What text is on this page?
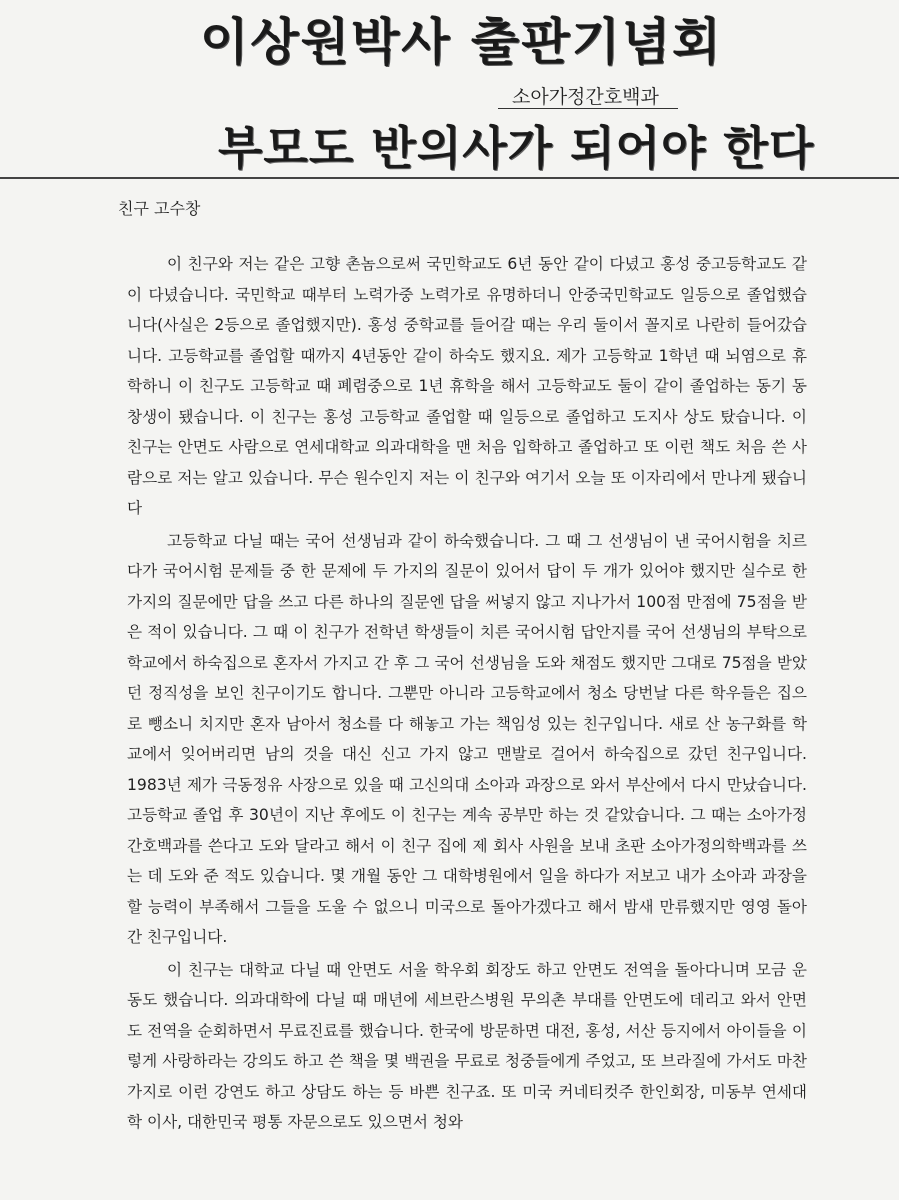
이상원박사 출판기념회
소아가정간호백과
부모도 반의사가 되어야 한다
친구 고수창

이 친구와 저는 같은 고향 촌놈으로써 국민학교도 6년 동안 같이 다녔고 홍성 중고등학교도 같이 다녔습니다. 국민학교 때부터 노력가중 노력가로 유명하더니 안중국민학교도 일등으로 졸업했습니다(사실은 2등으로 졸업했지만). 홍성 중학교를 들어갈 때는 우리 둘이서 꼴지로 나란히 들어갔습니다. 고등학교를 졸업할 때까지 4년동안 같이 하숙도 했지요. 제가 고등학교 1학년 때 뇌염으로 휴학하니 이 친구도 고등학교 때 폐렴중으로 1년 휴학을 해서 고등학교도 둘이 같이 졸업하는 동기 동창생이 됐습니다. 이 친구는 홍성 고등학교 졸업할 때 일등으로 졸업하고 도지사 상도 탔습니다. 이 친구는 안면도 사람으로 연세대학교 의과대학을 맨 처음 입학하고 졸업하고 또 이런 책도 처음 쓴 사람으로 저는 알고 있습니다. 무슨 원수인지 저는 이 친구와 여기서 오늘 또 이자리에서 만나게 됐습니다

고등학교 다닐 때는 국어 선생님과 같이 하숙했습니다. 그 때 그 선생님이 낸 국어시험을 치르다가 국어시험 문제들 중 한 문제에 두 가지의 질문이 있어서 답이 두 개가 있어야 했지만 실수로 한 가지의 질문에만 답을 쓰고 다른 하나의 질문엔 답을 써넣지 않고 지나가서 100점 만점에 75점을 받은 적이 있습니다. 그 때 이 친구가 전학년 학생들이 치른 국어시험 답안지를 국어 선생님의 부탁으로 학교에서 하숙집으로 혼자서 가지고 간 후 그 국어 선생님을 도와 채점도 했지만 그대로 75점을 받았던 정직성을 보인 친구이기도 합니다. 그뿐만 아니라 고등학교에서 청소 당번날 다른 학우들은 집으로 뺑소니 치지만 혼자 남아서 청소를 다 해놓고 가는 책임성 있는 친구입니다. 새로 산 농구화를 학교에서 잊어버리면 남의 것을 대신 신고 가지 않고 맨발로 걸어서 하숙집으로 갔던 친구입니다. 1983년 제가 극동정유 사장으로 있을 때 고신의대 소아과 과장으로 와서 부산에서 다시 만났습니다. 고등학교 졸업 후 30년이 지난 후에도 이 친구는 계속 공부만 하는 것 같았습니다. 그 때는 소아가정간호백과를 쓴다고 도와 달라고 해서 이 친구 집에 제 회사 사원을 보내 초판 소아가정의학백과를 쓰는 데 도와 준 적도 있습니다. 몇 개월 동안 그 대학병원에서 일을 하다가 저보고 내가 소아과 과장을 할 능력이 부족해서 그들을 도울 수 없으니 미국으로 돌아가겠다고 해서 밤새 만류했지만 영영 돌아간 친구입니다.

이 친구는 대학교 다닐 때 안면도 서울 학우회 회장도 하고 안면도 전역을 돌아다니며 모금 운동도 했습니다. 의과대학에 다닐 때 매년에 세브란스병원 무의촌 부대를 안면도에 데리고 와서 안면도 전역을 순회하면서 무료진료를 했습니다. 한국에 방문하면 대전, 홍성, 서산 등지에서 아이들을 이렇게 사랑하라는 강의도 하고 쓴 책을 몇 백권을 무료로 청중들에게 주었고, 또 브라질에 가서도 마찬가지로 이런 강연도 하고 상담도 하는 등 바쁜 친구죠. 또 미국 커네티컷주 한인회장, 미동부 연세대학 이사, 대한민국 평통 자문으로도 있으면서 청와
